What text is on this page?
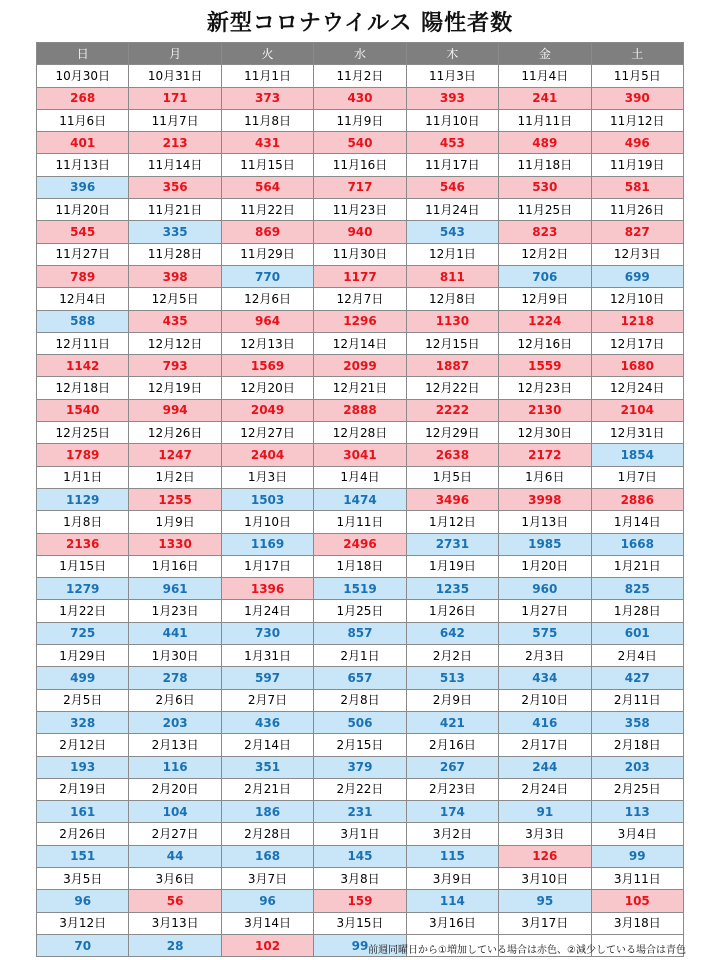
新型コロナウイルス 陽性者数
日	月	火	水	木	金	土
10月30日	10月31日	11月1日	11月2日	11月3日	11月4日	11月5日
268	171	373	430	393	241	390
11月6日	11月7日	11月8日	11月9日	11月10日	11月11日	11月12日
401	213	431	540	453	489	496
11月13日	11月14日	11月15日	11月16日	11月17日	11月18日	11月19日
396	356	564	717	546	530	581
11月20日	11月21日	11月22日	11月23日	11月24日	11月25日	11月26日
545	335	869	940	543	823	827
11月27日	11月28日	11月29日	11月30日	12月1日	12月2日	12月3日
789	398	770	1177	811	706	699
12月4日	12月5日	12月6日	12月7日	12月8日	12月9日	12月10日
588	435	964	1296	1130	1224	1218
12月11日	12月12日	12月13日	12月14日	12月15日	12月16日	12月17日
1142	793	1569	2099	1887	1559	1680
12月18日	12月19日	12月20日	12月21日	12月22日	12月23日	12月24日
1540	994	2049	2888	2222	2130	2104
12月25日	12月26日	12月27日	12月28日	12月29日	12月30日	12月31日
1789	1247	2404	3041	2638	2172	1854
1月1日	1月2日	1月3日	1月4日	1月5日	1月6日	1月7日
1129	1255	1503	1474	3496	3998	2886
1月8日	1月9日	1月10日	1月11日	1月12日	1月13日	1月14日
2136	1330	1169	2496	2731	1985	1668
1月15日	1月16日	1月17日	1月18日	1月19日	1月20日	1月21日
1279	961	1396	1519	1235	960	825
1月22日	1月23日	1月24日	1月25日	1月26日	1月27日	1月28日
725	441	730	857	642	575	601
1月29日	1月30日	1月31日	2月1日	2月2日	2月3日	2月4日
499	278	597	657	513	434	427
2月5日	2月6日	2月7日	2月8日	2月9日	2月10日	2月11日
328	203	436	506	421	416	358
2月12日	2月13日	2月14日	2月15日	2月16日	2月17日	2月18日
193	116	351	379	267	244	203
2月19日	2月20日	2月21日	2月22日	2月23日	2月24日	2月25日
161	104	186	231	174	91	113
2月26日	2月27日	2月28日	3月1日	3月2日	3月3日	3月4日
151	44	168	145	115	126	99
3月5日	3月6日	3月7日	3月8日	3月9日	3月10日	3月11日
96	56	96	159	114	95	105
3月12日	3月13日	3月14日	3月15日	3月16日	3月17日	3月18日
70	28	102	99			前週同曜日から①増加している場合は赤色、②減少している場合は青色
